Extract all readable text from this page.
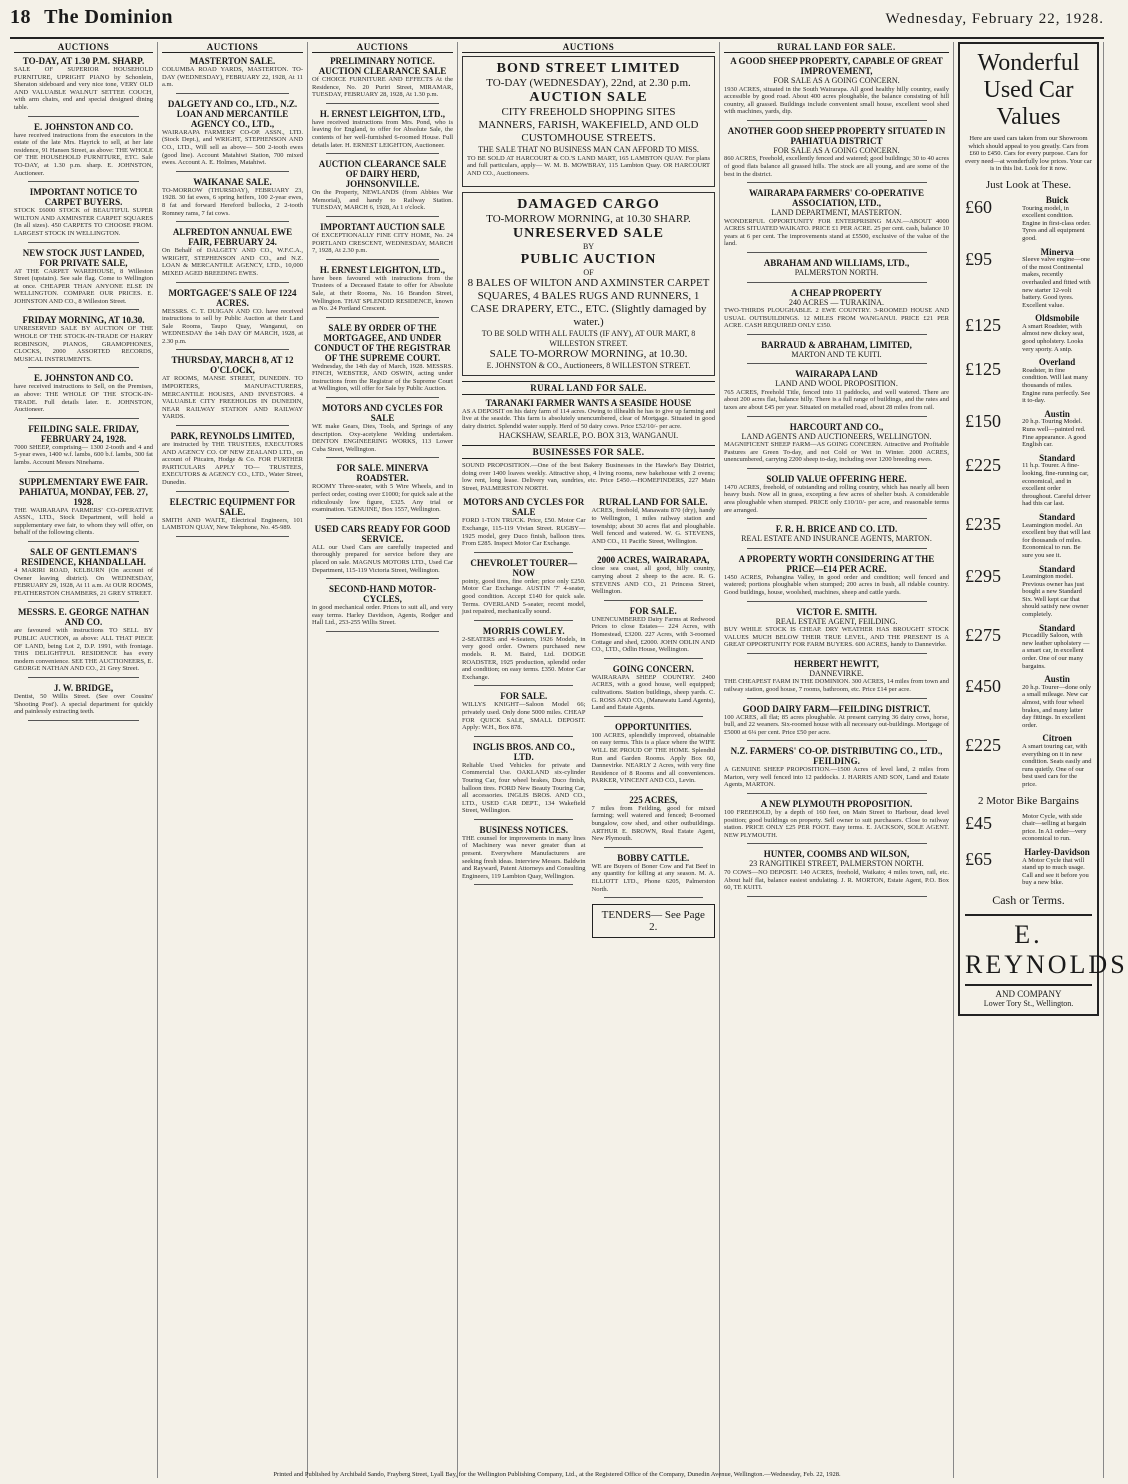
18 The Dominion	Wednesday, February 22, 1928.
AUCTIONS
TO-DAY, AT 1.30 P.M. SHARP.
SALE OF SUPERIOR HOUSEHOLD FURNITURE, UPRIGHT PIANO by Schonlein, Sheraton sideboard and very nice tone, VERY OLD AND VALUABLE WALNUT SETTEE COUCH, with arm chairs, end and special designed dining table.
E. JOHNSTON AND CO.
have received instructions from the executors in the estate of the late Mrs. Hayrick to sell, at her late residence, 91 Hansen Street, as above: THE WHOLE OF THE HOUSEHOLD FURNITURE, ETC. Sale TO-DAY, at 1.30 p.m. sharp. E. JOHNSTON, Auctioneer.
IMPORTANT NOTICE TO CARPET BUYERS.
STOCK £6000 STOCK of BEAUTIFUL SUPER WILTON AND AXMINSTER CARPET SQUARES (In all sizes). 450 CARPETS TO CHOOSE FROM. LARGEST STOCK IN WELLINGTON.
NEW STOCK JUST LANDED, FOR PRIVATE SALE,
AT THE CARPET WAREHOUSE, 8 Willeston Street (upstairs). See sale flag. Come to Wellington at once. CHEAPER THAN ANYONE ELSE IN WELLINGTON. COMPARE OUR PRICES. E. JOHNSTON AND CO., 8 Willeston Street.
FRIDAY MORNING, AT 10.30.
UNRESERVED SALE BY AUCTION OF THE WHOLE OF THE STOCK-IN-TRADE OF HARRY ROBINSON, PIANOS, GRAMOPHONES, CLOCKS, 2000 ASSORTED RECORDS, MUSICAL INSTRUMENTS.
E. JOHNSTON AND CO.
have received instructions to Sell, on the Premises, as above: THE WHOLE OF THE STOCK-IN-TRADE. Full details later. E. JOHNSTON, Auctioneer.
FEILDING SALE. FRIDAY, FEBRUARY 24, 1928.
7000 SHEEP, comprising— 1300 2-tooth and 4 and 5-year ewes, 1400 w.f. lambs, 600 b.f. lambs, 300 fat lambs. Account Messrs Ninehams.
SUPPLEMENTARY EWE FAIR. PAHIATUA, MONDAY, FEB. 27, 1928.
THE WAIRARAPA FARMERS' CO-OPERATIVE ASSN., LTD., Stock Department, will hold a supplementary ewe fair, to whom they will offer, on behalf of the following clients.
SALE OF GENTLEMAN'S RESIDENCE, KHANDALLAH.
4 MARIRI ROAD, KELBURN (On account of Owner leaving district). On WEDNESDAY, FEBRUARY 29, 1928, At 11 a.m. At OUR ROOMS, FEATHERSTON CHAMBERS, 21 GREY STREET.
MESSRS. E. GEORGE NATHAN AND CO.
are favoured with instructions TO SELL BY PUBLIC AUCTION, as above: ALL THAT PIECE OF LAND, being Lot 2, D.P. 1991, with frontage. THIS DELIGHTFUL RESIDENCE has every modern convenience. SEE THE AUCTIONEERS, E. GEORGE NATHAN AND CO., 21 Grey Street.
J. W. BRIDGE,
Dentist, 50 Willis Street. (See over Cousins' 'Shooting Post'). A special department for quickly and painlessly extracting teeth.
AUCTIONS
MASTERTON SALE.
COLUMBA ROAD YARDS, MASTERTON. TO-DAY (WEDNESDAY), FEBRUARY 22, 1928, At 11 a.m.
DALGETY AND CO., LTD., N.Z. LOAN AND MERCANTILE AGENCY CO., LTD.,
WAIRARAPA FARMERS' CO-OP. ASSN., LTD. (Stock Dept.), and WRIGHT, STEPHENSON AND CO., LTD., Will sell as above— 500 2-tooth ewes (good line). Account Matahiwi Station, 700 mixed ewes. Account A. E. Holmes, Matahiwi.
WAIKANAE SALE.
TO-MORROW (THURSDAY), FEBRUARY 23, 1928. 30 fat ewes, 6 spring heifers, 100 2-year ewes, 8 fat and forward Hereford bullocks, 2 2-tooth Romney rams, 7 fat cows.
ALFREDTON ANNUAL EWE FAIR, FEBRUARY 24.
On Behalf of DALGETY AND CO., W.F.C.A., WRIGHT, STEPHENSON AND CO., and N.Z. LOAN & MERCANTILE AGENCY, LTD., 10,000 MIXED AGED BREEDING EWES.
MORTGAGEE'S SALE OF 1224 ACRES.
MESSRS. C. T. DUIGAN AND CO. have received instructions to sell by Public Auction at their Land Sale Rooms, Taupo Quay, Wanganui, on WEDNESDAY the 14th DAY OF MARCH, 1928, at 2.30 p.m.
THURSDAY, MARCH 8, AT 12 O'CLOCK,
AT ROOMS, MANSE STREET, DUNEDIN. TO IMPORTERS, MANUFACTURERS, MERCANTILE HOUSES, AND INVESTORS. 4 VALUABLE CITY FREEHOLDS IN DUNEDIN, NEAR RAILWAY STATION AND RAILWAY YARDS.
PARK, REYNOLDS LIMITED,
are instructed by THE TRUSTEES, EXECUTORS AND AGENCY CO. OF NEW ZEALAND LTD., on account of Pitcairn, Hodge & Co. FOR FURTHER PARTICULARS APPLY TO— TRUSTEES, EXECUTORS & AGENCY CO., LTD., Water Street, Dunedin.
ELECTRIC EQUIPMENT FOR SALE.
SMITH AND WAITE, Electrical Engineers, 101 LAMBTON QUAY, New Telephone, No. 45-989.
AUCTIONS
PRELIMINARY NOTICE. AUCTION CLEARANCE SALE
Of CHOICE FURNITURE AND EFFECTS At the Residence, No. 20 Puriri Street, MIRAMAR, TUESDAY, FEBRUARY 28, 1928, At 1.30 p.m.
H. ERNEST LEIGHTON, LTD.,
have received instructions from Mrs. Pond, who is leaving for England, to offer for Absolute Sale, the contents of her well-furnished 6-roomed House. Full details later. H. ERNEST LEIGHTON, Auctioneer.
AUCTION CLEARANCE SALE OF DAIRY HERD, JOHNSONVILLE.
On the Property, NEWLANDS (from Abbies War Memorial), and handy to Railway Station. TUESDAY, MARCH 6, 1928, At 1 o'clock.
IMPORTANT AUCTION SALE
Of EXCEPTIONALLY FINE CITY HOME, No. 24 PORTLAND CRESCENT, WEDNESDAY, MARCH 7, 1928, At 2.30 p.m.
H. ERNEST LEIGHTON, LTD.,
have been favoured with instructions from the Trustees of a Deceased Estate to offer for Absolute Sale, at their Rooms, No. 16 Brandon Street, Wellington. THAT SPLENDID RESIDENCE, known as No. 24 Portland Crescent.
SALE BY ORDER OF THE MORTGAGEE, AND UNDER CONDUCT OF THE REGISTRAR OF THE SUPREME COURT.
Wednesday, the 14th day of March, 1928. MESSRS. FINCH, WEBSTER, AND OSWIN, acting under instructions from the Registrar of the Supreme Court at Wellington, will offer for Sale by Public Auction.
MOTORS AND CYCLES FOR SALE
WE make Gears, Dies, Tools, and Springs of any description. Oxy-acetylene Welding undertaken. DENTON ENGINEERING WORKS, 113 Lower Cuba Street, Wellington.
FOR SALE. MINERVA ROADSTER.
ROOMY Three-seater, with 5 Wire Wheels, and in perfect order, costing over £1000; for quick sale at the ridiculously low figure, £325. Any trial or examination. 'GENUINE,' Box 1557, Wellington.
USED CARS READY FOR GOOD SERVICE.
ALL our Used Cars are carefully inspected and thoroughly prepared for service before they are placed on sale. MAGNUS MOTORS LTD., Used Car Department, 115-119 Victoria Street, Wellington.
SECOND-HAND MOTOR-CYCLES,
in good mechanical order. Prices to suit all, and very easy terms. Harley Davidson, Agents, Rodger and Hall Ltd., 253-255 Willis Street.
AUCTIONS
BOND STREET LIMITED
TO-DAY (WEDNESDAY), 22nd, at 2.30 p.m.
AUCTION SALE
CITY FREEHOLD SHOPPING SITES
MANNERS, FARISH, WAKEFIELD, AND OLD CUSTOMHOUSE STREETS.
THE SALE THAT NO BUSINESS MAN CAN AFFORD TO MISS.
TO BE SOLD AT HARCOURT & CO.'S LAND MART, 165 LAMBTON QUAY. For plans and full particulars, apply— W. M. B. MOWBRAY, 115 Lambton Quay. OR HARCOURT AND CO., Auctioneers.
DAMAGED CARGO
TO-MORROW MORNING, at 10.30 SHARP.
UNRESERVED SALE
BY
PUBLIC AUCTION
OF
8 BALES OF WILTON AND AXMINSTER CARPET SQUARES, 4 BALES RUGS AND RUNNERS, 1 CASE DRAPERY, ETC., ETC. (Slightly damaged by water.)
TO BE SOLD WITH ALL FAULTS (IF ANY), AT OUR MART, 8 WILLESTON STREET.
SALE TO-MORROW MORNING, at 10.30.
E. JOHNSTON & CO., Auctioneers, 8 WILLESTON STREET.
RURAL LAND FOR SALE.
TARANAKI FARMER WANTS A SEASIDE HOUSE
AS A DEPOSIT on his dairy farm of 114 acres. Owing to illhealth he has to give up farming and live at the seaside. This farm is absolutely unencumbered, clear of Mortgage. Situated in good dairy district. Splendid water supply. Herd of 50 dairy cows. Price £52/10/- per acre.
HACKSHAW, SEARLE, P.O. BOX 313, WANGANUI.
BUSINESSES FOR SALE.
SOUND PROPOSITION.—One of the best Bakery Businesses in the Hawke's Bay District, doing over 1400 loaves weekly. Attractive shop, 4 living rooms, new bakehouse with 2 ovens; low rent, long lease. Delivery van, sundries, etc. Price £450.—HOMEFINDERS, 227 Main Street, PALMERSTON NORTH.
MOTORS AND CYCLES FOR SALE
FORD 1-TON TRUCK. Price, £50. Motor Car Exchange, 115-119 Vivian Street. RUGBY—1925 model, grey Duco finish, balloon tires. From £285. Inspect Motor Car Exchange.
CHEVROLET TOURER—NOW
pointy, good tires, fine order; price only £250. Motor Car Exchange. AUSTIN '7' 4-seater, good condition. Accept £140 for quick sale. Terms. OVERLAND 5-seater, recent model, just repaired, mechanically sound.
MORRIS COWLEY.
2-SEATERS and 4-Seaters, 1926 Models, in very good order. Owners purchased new models. R. M. Baird, Ltd. DODGE ROADSTER, 1925 production, splendid order and condition; on easy terms. £350. Motor Car Exchange.
FOR SALE.
WILLYS KNIGHT—Saloon Model 66; privately used. Only done 5000 miles. CHEAP FOR QUICK SALE, SMALL DEPOSIT. Apply: W.H., Box 878.
INGLIS BROS. AND CO., LTD.
Reliable Used Vehicles for private and Commercial Use. OAKLAND six-cylinder Touring Car, four wheel brakes, Duco finish, balloon tires. FORD New Beauty Touring Car, all accessories. INGLIS BROS. AND CO., LTD., USED CAR DEPT., 134 Wakefield Street, Wellington.
BUSINESS NOTICES.
THE counsel for improvements in many lines of Machinery was never greater than at present. Everywhere Manufacturers are seeking fresh ideas. Interview Messrs. Baldwin and Rayward, Patent Attorneys and Consulting Engineers, 119 Lambton Quay, Wellington.
RURAL LAND FOR SALE.
ACRES, freehold, Manawatu 870 (dry), handy to Wellington, 1 miles railway station and township; about 30 acres flat and ploughable. Well fenced and watered. W. G. STEVENS, AND CO., 11 Pacific Street, Wellington.
2000 ACRES, WAIRARAPA,
close sea coast, all good, hilly country, carrying about 2 sheep to the acre. R. G. STEVENS AND CO., 21 Princess Street, Wellington.
FOR SALE.
UNENCUMBERED Dairy Farms at Redwood Prices to close Estates— 224 Acres, with Homestead, £3200. 227 Acres, with 3-roomed Cottage and shed, £2000. JOHN ODLIN AND CO., LTD., Odlin House, Wellington.
GOING CONCERN.
WAIRARAPA SHEEP COUNTRY. 2400 ACRES, with a good house, well equipped; cultivations. Station buildings, sheep yards. C. G. ROSS AND CO., (Manawatu Land Agents), Land and Estate Agents.
OPPORTUNITIES.
100 ACRES, splendidly improved, obtainable on easy terms. This is a place where the WIFE WILL BE PROUD OF THE HOME. Splendid Run and Garden Rooms. Apply Box 60, Dannevirke. NEARLY 2 Acres, with very fine Residence of 8 Rooms and all conveniences. PARKER, VINCENT AND CO., Levin.
225 ACRES,
7 miles from Feilding, good for mixed farming; well watered and fenced; 8-roomed bungalow, cow shed, and other outbuildings. ARTHUR E. BROWN, Real Estate Agent, New Plymouth.
BOBBY CATTLE.
WE are Buyers of Boner Cow and Fat Beef in any quantity for killing at any season. M. A. ELLIOTT LTD., Phone 6205, Palmerston North.
TENDERS— See Page 2.
RURAL LAND FOR SALE.
A GOOD SHEEP PROPERTY, CAPABLE OF GREAT IMPROVEMENT,
FOR SALE AS A GOING CONCERN.
1930 ACRES, situated in the South Wairarapa. All good healthy hilly country, easily accessible by good road. About 400 acres ploughable, the balance consisting of hill country, all grassed. Buildings include convenient small house, excellent wool shed with machines, yards, dip.
ANOTHER GOOD SHEEP PROPERTY SITUATED IN PAHIATUA DISTRICT
FOR SALE AS A GOING CONCERN.
860 ACRES, Freehold, excellently fenced and watered; good buildings; 30 to 40 acres of good flats balance all grassed hills. The stock are all young, and are some of the best in the district.
WAIRARAPA FARMERS' CO-OPERATIVE ASSOCIATION, LTD.,
LAND DEPARTMENT, MASTERTON.
WONDERFUL OPPORTUNITY FOR ENTERPRISING MAN.—ABOUT 4000 ACRES SITUATED WAIKATO. PRICE £1 PER ACRE. 25 per cent. cash, balance 10 years at 6 per cent. The improvements stand at £5500, exclusive of the value of the land.
ABRAHAM AND WILLIAMS, LTD.,
PALMERSTON NORTH.
A CHEAP PROPERTY
240 ACRES — TURAKINA.
TWO-THIRDS PLOUGHABLE. 2 EWE COUNTRY. 3-ROOMED HOUSE AND USUAL OUTBUILDINGS. 12 MILES FROM WANGANUI. PRICE £21 PER ACRE. CASH REQUIRED ONLY £350.
BARRAUD & ABRAHAM, LIMITED,
MARTON AND TE KUITI.
WAIRARAPA LAND
LAND AND WOOL PROPOSITION.
765 ACRES, Freehold Title, fenced into 11 paddocks, and well watered. There are about 200 acres flat, balance hilly. There is a full range of buildings, and the rates and taxes are about £45 per year. Situated on metalled road, about 28 miles from rail.
HARCOURT AND CO.,
LAND AGENTS AND AUCTIONEERS, WELLINGTON.
MAGNIFICENT SHEEP FARM—AS GOING CONCERN. Attractive and Profitable Pastures are Green To-day, and not Cold or Wet in Winter. 2000 ACRES, unencumbered, carrying 2200 sheep to-day, including over 1200 breeding ewes.
SOLID VALUE OFFERING HERE.
1470 ACRES, freehold, of outstanding and rolling country, which has nearly all been heavy bush. Now all in grass, excepting a few acres of shelter bush. A considerable area ploughable when stumped. PRICE only £10/10/- per acre, and reasonable terms are arranged.
F. R. H. BRICE AND CO. LTD.
REAL ESTATE AND INSURANCE AGENTS, MARTON.
A PROPERTY WORTH CONSIDERING AT THE PRICE—£14 PER ACRE.
1450 ACRES, Pohangina Valley, in good order and condition; well fenced and watered; portions ploughable when stumped; 200 acres in bush, all ridable country. Good buildings, house, woolshed, machines, sheep and cattle yards.
VICTOR E. SMITH.
REAL ESTATE AGENT, FEILDING.
BUY WHILE STOCK IS CHEAP. DRY WEATHER HAS BROUGHT STOCK VALUES MUCH BELOW THEIR TRUE LEVEL, AND THE PRESENT IS A GREAT OPPORTUNITY FOR FARM BUYERS. 600 ACRES, handy to Dannevirke.
HERBERT HEWITT,
DANNEVIRKE.
THE CHEAPEST FARM IN THE DOMINION. 300 ACRES, 14 miles from town and railway station, good house, 7 rooms, bathroom, etc. Price £14 per acre.
GOOD DAIRY FARM—FEILDING DISTRICT.
100 ACRES, all flat; 85 acres ploughable. At present carrying 36 dairy cows, horse, bull, and 22 weaners. Six-roomed house with all necessary out-buildings. Mortgage of £5000 at 6¼ per cent. Price £50 per acre.
N.Z. FARMERS' CO-OP. DISTRIBUTING CO., LTD., FEILDING.
A GENUINE SHEEP PROPOSITION.—1500 Acres of level land, 2 miles from Marton, very well fenced into 12 paddocks. J. HARRIS AND SON, Land and Estate Agents, MARTON.
A NEW PLYMOUTH PROPOSITION.
100 FREEHOLD, by a depth of 160 feet, on Main Street to Harbour, dead level position; good buildings on property. Sell owner to suit purchasers. Close to railway station. PRICE ONLY £25 PER FOOT. Easy terms. E. JACKSON, SOLE AGENT. NEW PLYMOUTH.
HUNTER, COOMBS AND WILSON,
23 RANGITIKEI STREET, PALMERSTON NORTH.
70 COWS—NO DEPOSIT. 140 ACRES, freehold, Waikato; 4 miles town, rail, etc. About half flat, balance easiest undulating. J. R. MORTON, Estate Agent, P.O. Box 60, TE KUITI.
Wonderful
Used Car
Values
Here are used cars taken from our Showroom which should appeal to you greatly. Cars from £60 to £450. Cars for every purpose. Cars for every need—at wonderfully low prices. Your car is in this list. Look for it now.
Just Look at These.
£60	Buick
Touring model, in excellent condition. Engine in first-class order. Tyres and all equipment good.
£95	Minerva
Sleeve valve engine—one of the most Continental makes, recently overhauled and fitted with new starter 12-volt battery. Good tyres. Excellent value.
£125	Oldsmobile
A smart Roadster, with almost new dickey seat, good upholstery. Looks very sporty. A snip.
£125	Overland
Roadster, in fine condition. Will last many thousands of miles. Engine runs perfectly. See it to-day.
£150	Austin
20 h.p. Touring Model. Runs well—painted red. Fine appearance. A good English car.
£225	Standard
11 h.p. Tourer. A fine-looking, fine-running car, economical, and in excellent order throughout. Careful driver had this car last.
£235	Standard
Leamington model. An excellent buy that will last for thousands of miles. Economical to run. Be sure you see it.
£295	Standard
Leamington model. Previous owner has just bought a new Standard Six. Well kept car that should satisfy new owner completely.
£275	Standard
Piccadilly Saloon, with new leather upholstery — a smart car, in excellent order. One of our many bargains.
£450	Austin
20 h.p. Tourer—done only a small mileage. New car almost, with four wheel brakes, and many latter day fittings. In excellent order.
£225	Citroen
A smart touring car, with everything on it in new condition. Seats easily and runs quietly. One of our best used cars for the price.
2 Motor Bike Bargains
£45	Motor Cycle, with side chair—selling at bargain price. In A1 order—very economical to run.
£65	Harley-Davidson
A Motor Cycle that will stand up to much usage. Call and see it before you buy a new bike.
Cash or Terms.
E. REYNOLDS
AND COMPANY
Lower Tory St., Wellington.
Printed and Published by Archibald Sando, Frayberg Street, Lyall Bay, for the Wellington Publishing Company, Ltd., at the Registered Office of the Company, Dunedin Avenue, Wellington.—Wednesday, Feb. 22, 1928.
